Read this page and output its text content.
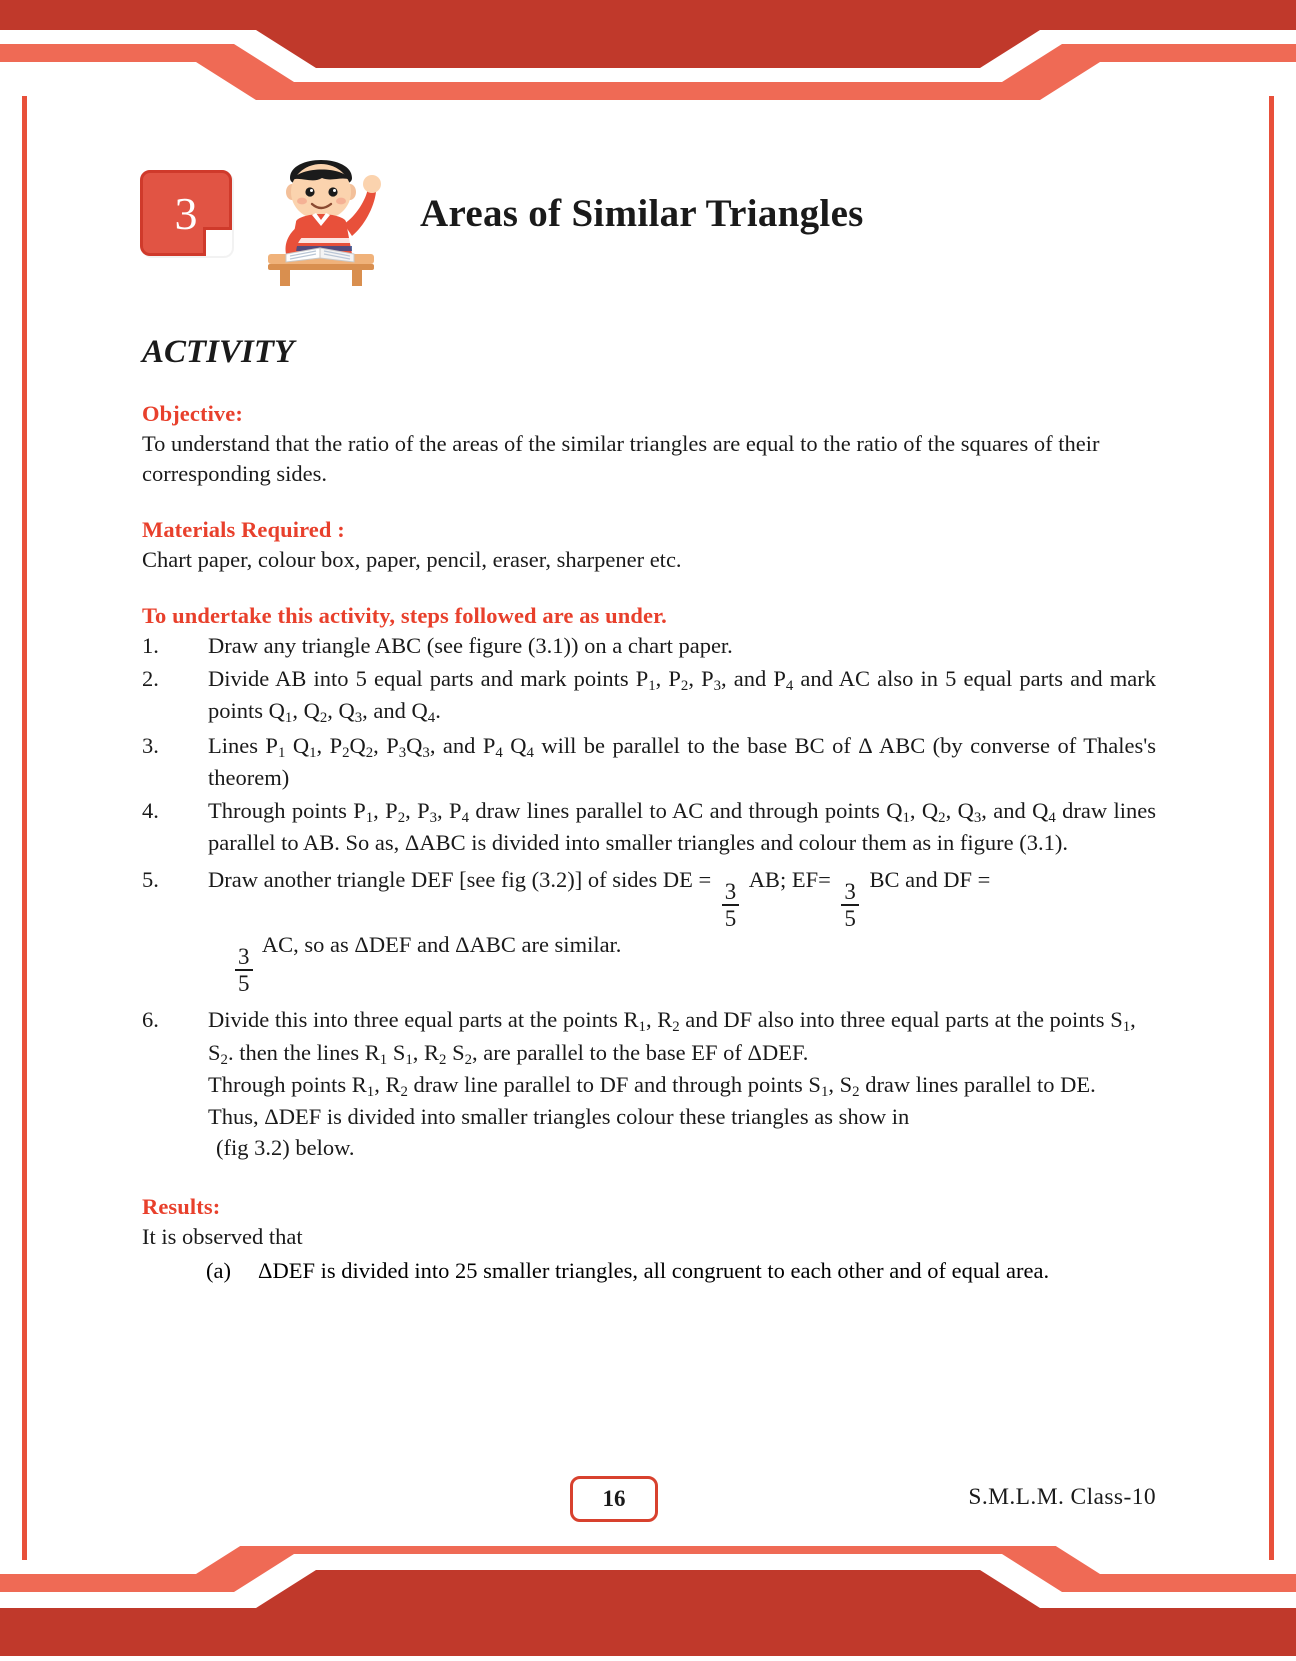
3	Areas of Similar Triangles
ACTIVITY
Objective:
To understand that the ratio of the areas of the similar triangles are equal to the ratio of the squares of their corresponding sides.
Materials Required :
Chart paper, colour box, paper, pencil, eraser, sharpener etc.
To undertake this activity, steps followed are as under.
1.	Draw any triangle ABC (see figure (3.1)) on a chart paper.
2.	Divide AB into 5 equal parts and mark points $P_1$, $P_2$, $P_3$, and $P_4$ and AC also in 5 equal parts and mark points $Q_1$, $Q_2$, $Q_3$, and $Q_4$.
3.	Lines $P_1$ $Q_1$, $P_2Q_2$, $P_3Q_3$, and $P_4$ $Q_4$ will be parallel to the base BC of Δ ABC (by converse of Thales's theorem)
4.	Through points $P_1$, $P_2$, $P_3$, $P_4$ draw lines parallel to AC and through points $Q_1$, $Q_2$, $Q_3$, and $Q_4$ draw lines parallel to AB. So as, ΔABC is divided into smaller triangles and colour them as in figure (3.1).
5.	Draw another triangle DEF [see fig (3.2)] of sides DE =
$\frac{3}{5}$
AB; EF=
$\frac{3}{5}$
BC and DF =

$\frac{3}{5}$
AC, so as ΔDEF and ΔABC are similar.
6.	Divide this into three equal parts at the points $R_1$, $R_2$ and DF also into three equal parts at the points $S_1$, $S_2$. then the lines $R_1$ $S_1$, $R_2$ $S_2$, are parallel to the base EF of ΔDEF.
Through points $R_1$, $R_2$ draw line parallel to DF and through points $S_1$, $S_2$ draw lines parallel to DE.
Thus, ΔDEF is divided into smaller triangles colour these triangles as show in
(fig 3.2) below.
Results:
It is observed that
(a)	ΔDEF is divided into 25 smaller triangles, all congruent to each other and of equal area.
16	S.M.L.M. Class-10
